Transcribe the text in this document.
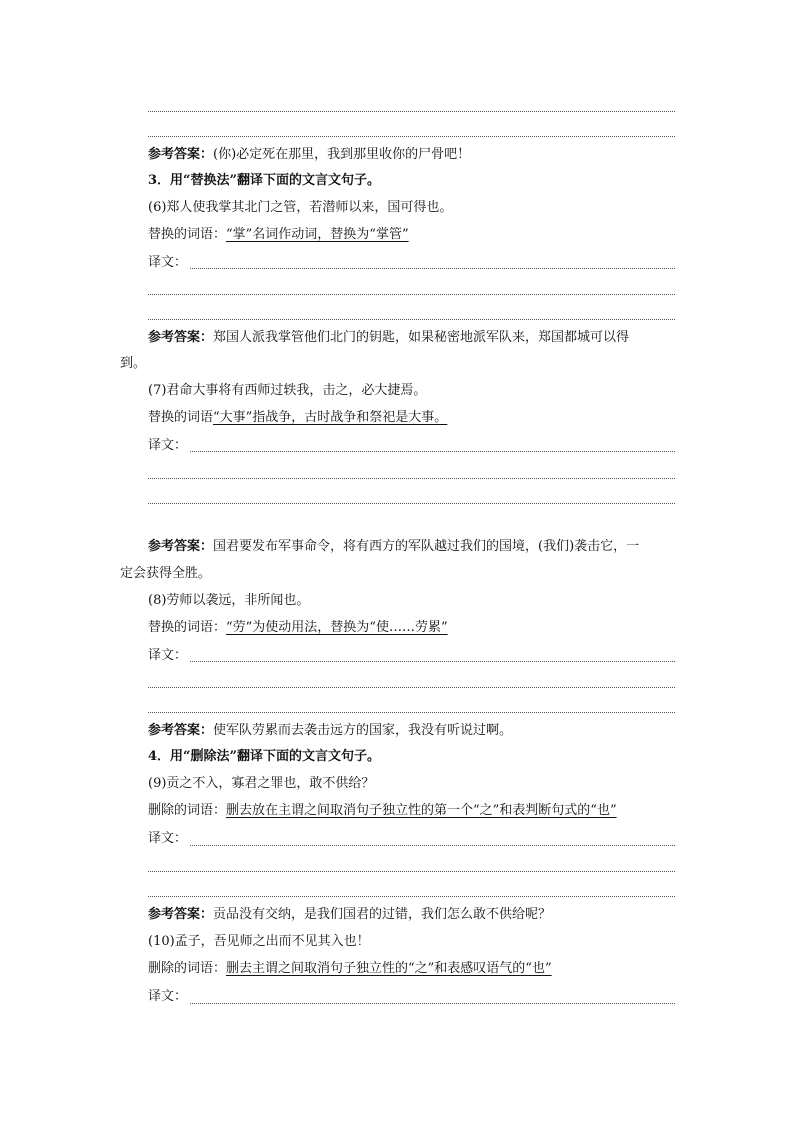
参考答案：(你)必定死在那里，我到那里收你的尸骨吧！
3．用“替换法”翻译下面的文言文句子。
(6)郑人使我掌其北门之管，若潜师以来，国可得也。
替换的词语：“掌”名词作动词，替换为“掌管”
译文：
参考答案：郑国人派我掌管他们北门的钥匙，如果秘密地派军队来，郑国都城可以得
到。
(7)君命大事将有西师过轶我，击之，必大捷焉。
替换的词语“大事”指战争，古时战争和祭祀是大事。
译文：
参考答案：国君要发布军事命令，将有西方的军队越过我们的国境，(我们)袭击它，一
定会获得全胜。
(8)劳师以袭远，非所闻也。
替换的词语：“劳”为使动用法，替换为“使……劳累”
译文：
参考答案：使军队劳累而去袭击远方的国家，我没有听说过啊。
4．用“删除法”翻译下面的文言文句子。
(9)贡之不入，寡君之罪也，敢不供给？
删除的词语：删去放在主谓之间取消句子独立性的第一个“之”和表判断句式的“也”
译文：
参考答案：贡品没有交纳，是我们国君的过错，我们怎么敢不供给呢？
(10)孟子，吾见师之出而不见其入也！
删除的词语：删去主谓之间取消句子独立性的“之”和表感叹语气的“也”
译文：
